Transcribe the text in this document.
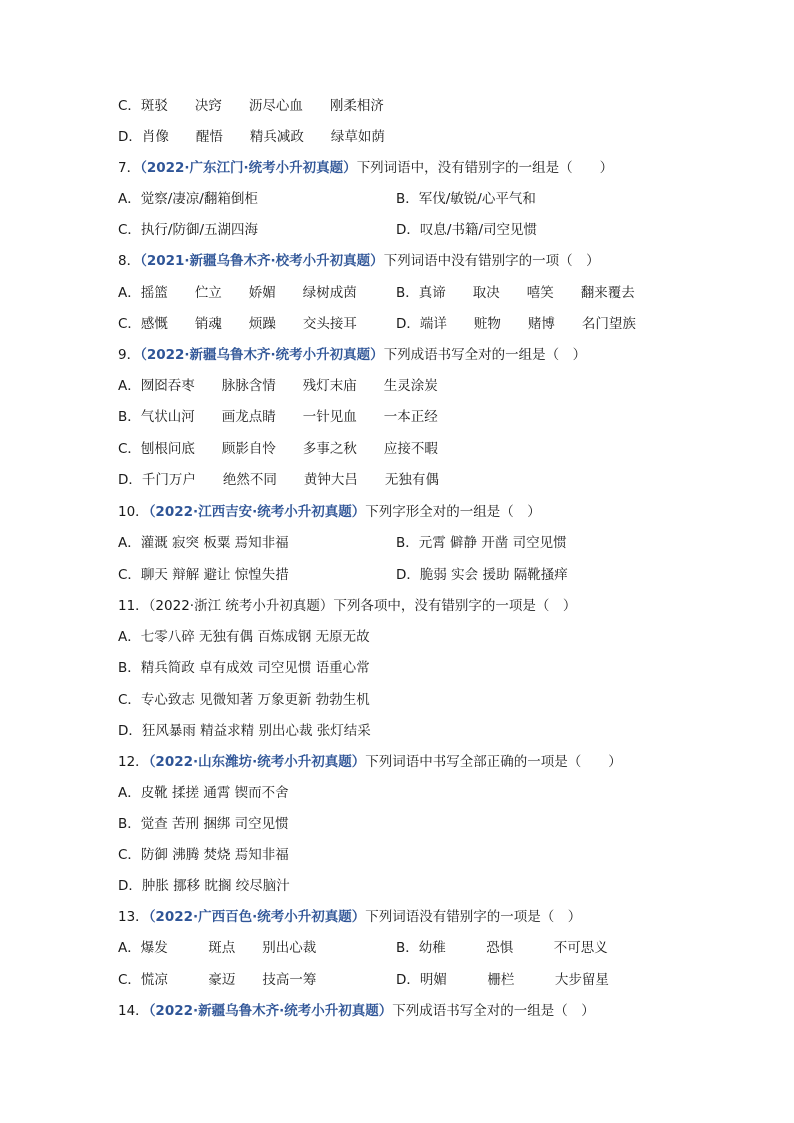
C．斑驳　　决窍　　沥尽心血　　刚柔相济
D．肖像　　醒悟　　精兵减政　　绿草如荫
7．（2022·广东江门·统考小升初真题）下列词语中，没有错别字的一组是（　　）
A．觉察/凄凉/翻箱倒柜	B．军伐/敏锐/心平气和
C．执行/防御/五湖四海	D．叹息/书籍/司空见惯
8．（2021·新疆乌鲁木齐·校考小升初真题）下列词语中没有错别字的一项（　）
A．摇篮　　伫立　　娇媚　　绿树成茵	B．真谛　　取决　　嘻笑　　翻来覆去
C．感慨　　销魂　　烦躁　　交头接耳	D．端详　　赃物　　赌博　　名门望族
9．（2022·新疆乌鲁木齐·统考小升初真题）下列成语书写全对的一组是（　）
A．囫囵吞枣　　脉脉含情　　残灯末庙　　生灵涂炭
B．气状山河　　画龙点睛　　一针见血　　一本正经
C．刨根问底　　顾影自怜　　多事之秋　　应接不暇
D．千门万户　　绝然不同　　黄钟大吕　　无独有偶
10．（2022·江西吉安·统考小升初真题）下列字形全对的一组是（　）
A．灌溉 寂突 板粟 焉知非福	B．元霄 僻静 开凿 司空见惯
C．聊天 辩解 避让 惊惶失措	D．脆弱 实会 援助 隔靴搔痒
11．（2022·浙江 统考小升初真题）下列各项中，没有错别字的一项是（　）
A．七零八碎 无独有偶 百炼成钢 无原无故
B．精兵简政 卓有成效 司空见惯 语重心常
C．专心致志 见微知著 万象更新 勃勃生机
D．狂风暴雨 精益求精 别出心裁 张灯结采
12．（2022·山东潍坊·统考小升初真题）下列词语中书写全部正确的一项是（　　）
A．皮靴 揉搓 通霄 锲而不舍
B．觉查 苦刑 捆绑 司空见惯
C．防御 沸腾 焚烧 焉知非福
D．肿胀 挪移 眈搁 绞尽脑汁
13．（2022·广西百色·统考小升初真题）下列词语没有错别字的一项是（　）
A．爆发　　　斑点　　别出心裁	B．幼稚　　　恐惧　　　不可思义
C．慌凉　　　豪迈　　技高一筹	D．明媚　　　栅栏　　　大步留星
14．（2022·新疆乌鲁木齐·统考小升初真题）下列成语书写全对的一组是（　）
